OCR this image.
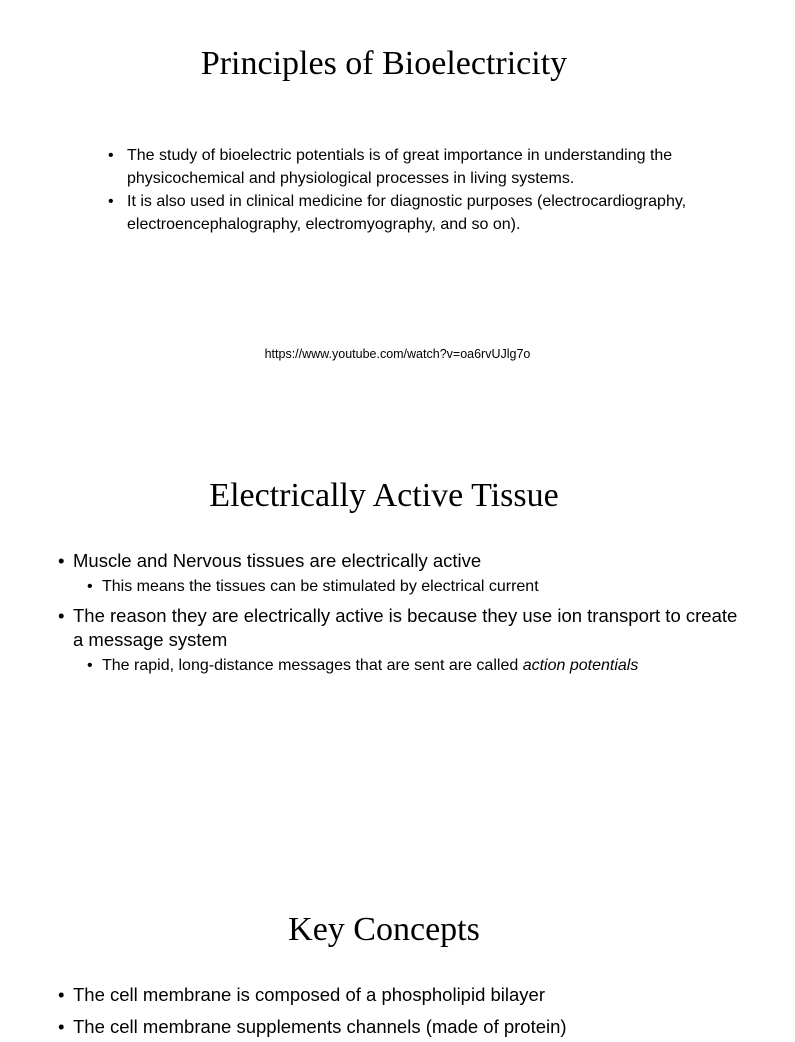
Principles of Bioelectricity
• The study of bioelectric potentials is of great importance in understanding the physicochemical and physiological processes in living systems.
• It is also used in clinical medicine for diagnostic purposes (electrocardiography, electroencephalography, electromyography, and so on).
https://www.youtube.com/watch?v=oa6rvUJlg7o
Electrically Active Tissue
• Muscle and Nervous tissues are electrically active
• This means the tissues can be stimulated by electrical current
• The reason they are electrically active is because they use ion transport to create a message system
• The rapid, long-distance messages that are sent are called action potentials
Key Concepts
• The cell membrane is composed of a phospholipid bilayer
• The cell membrane supplements channels (made of protein)
